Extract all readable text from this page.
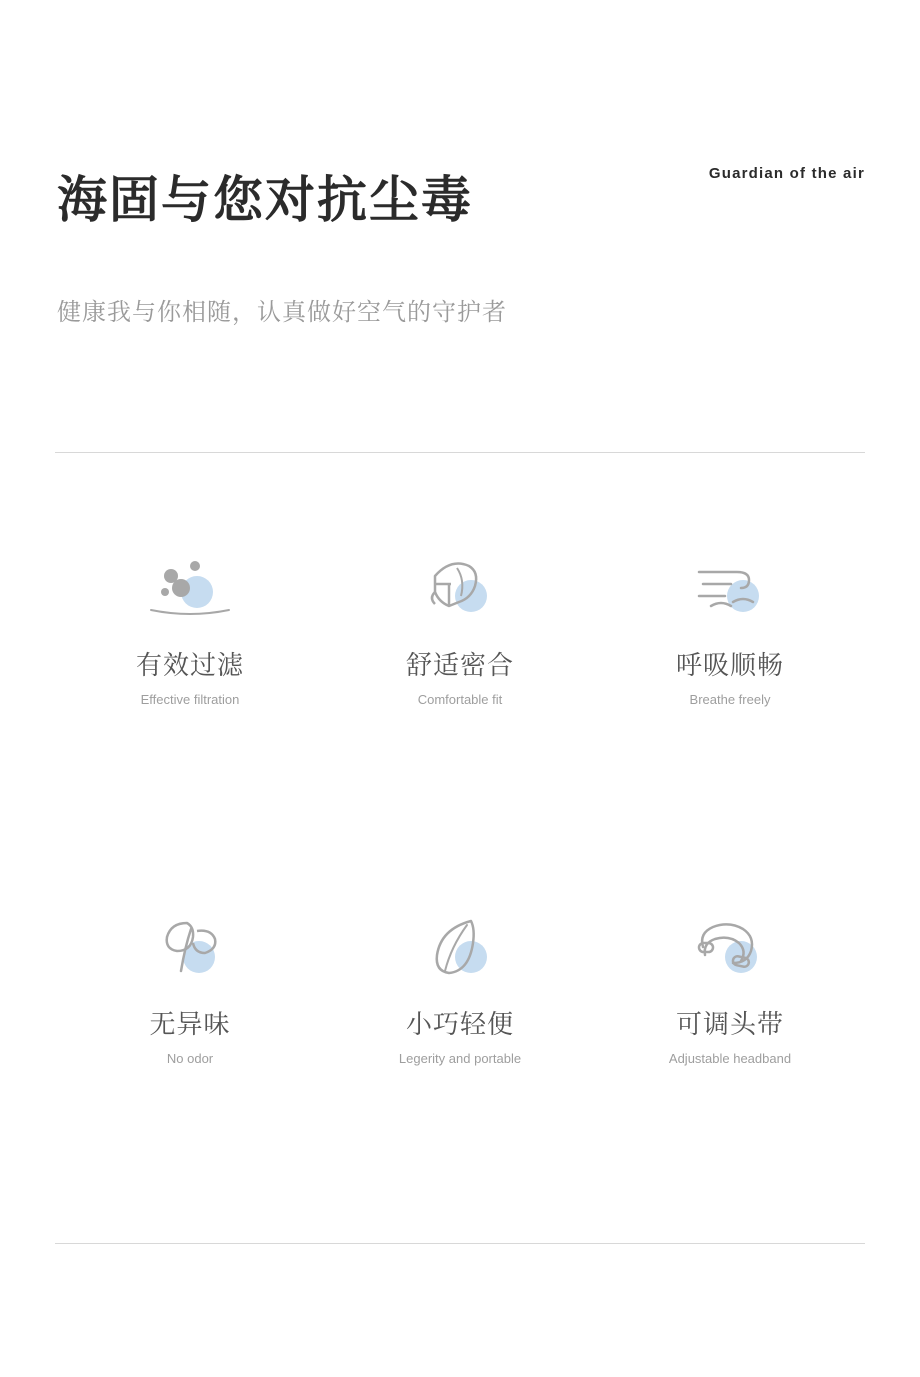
海固与您对抗尘毒	Guardian of the air
健康我与你相随，认真做好空气的守护者
有效过滤
Effective filtration
舒适密合
Comfortable fit
呼吸顺畅
Breathe freely
无异味
No odor
小巧轻便
Legerity and portable
可调头带
Adjustable headband
